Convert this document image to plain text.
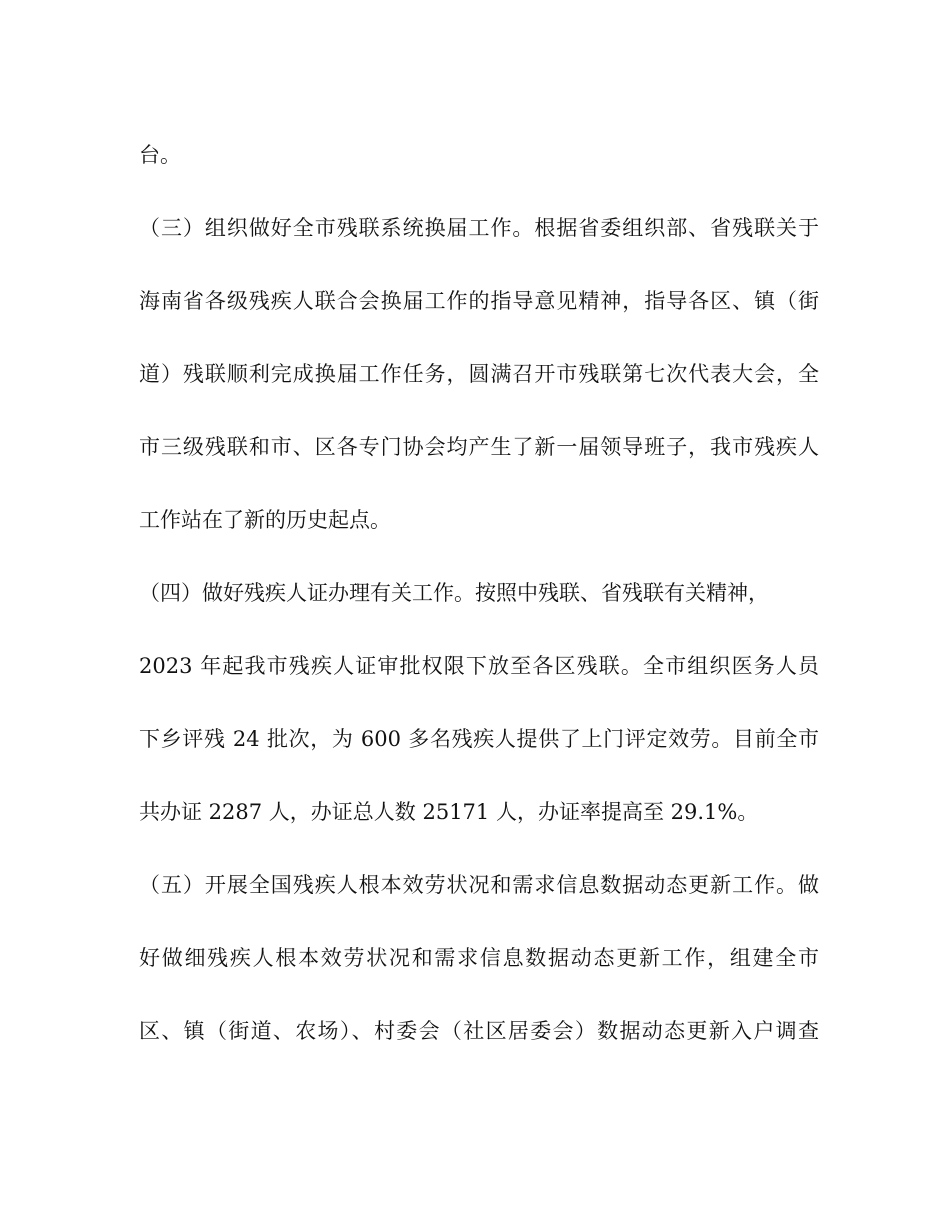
台。
（三）组织做好全市残联系统换届工作。根据省委组织部、省残联关于
海南省各级残疾人联合会换届工作的指导意见精神，指导各区、镇（街
道）残联顺利完成换届工作任务，圆满召开市残联第七次代表大会，全
市三级残联和市、区各专门协会均产生了新一届领导班子，我市残疾人
工作站在了新的历史起点。
（四）做好残疾人证办理有关工作。按照中残联、省残联有关精神，
2023 年起我市残疾人证审批权限下放至各区残联。全市组织医务人员
下乡评残 24 批次，为 600 多名残疾人提供了上门评定效劳。目前全市
共办证 2287 人，办证总人数 25171 人，办证率提高至 29.1%。
（五）开展全国残疾人根本效劳状况和需求信息数据动态更新工作。做
好做细残疾人根本效劳状况和需求信息数据动态更新工作，组建全市
区、镇（街道、农场）、村委会（社区居委会）数据动态更新入户调查
